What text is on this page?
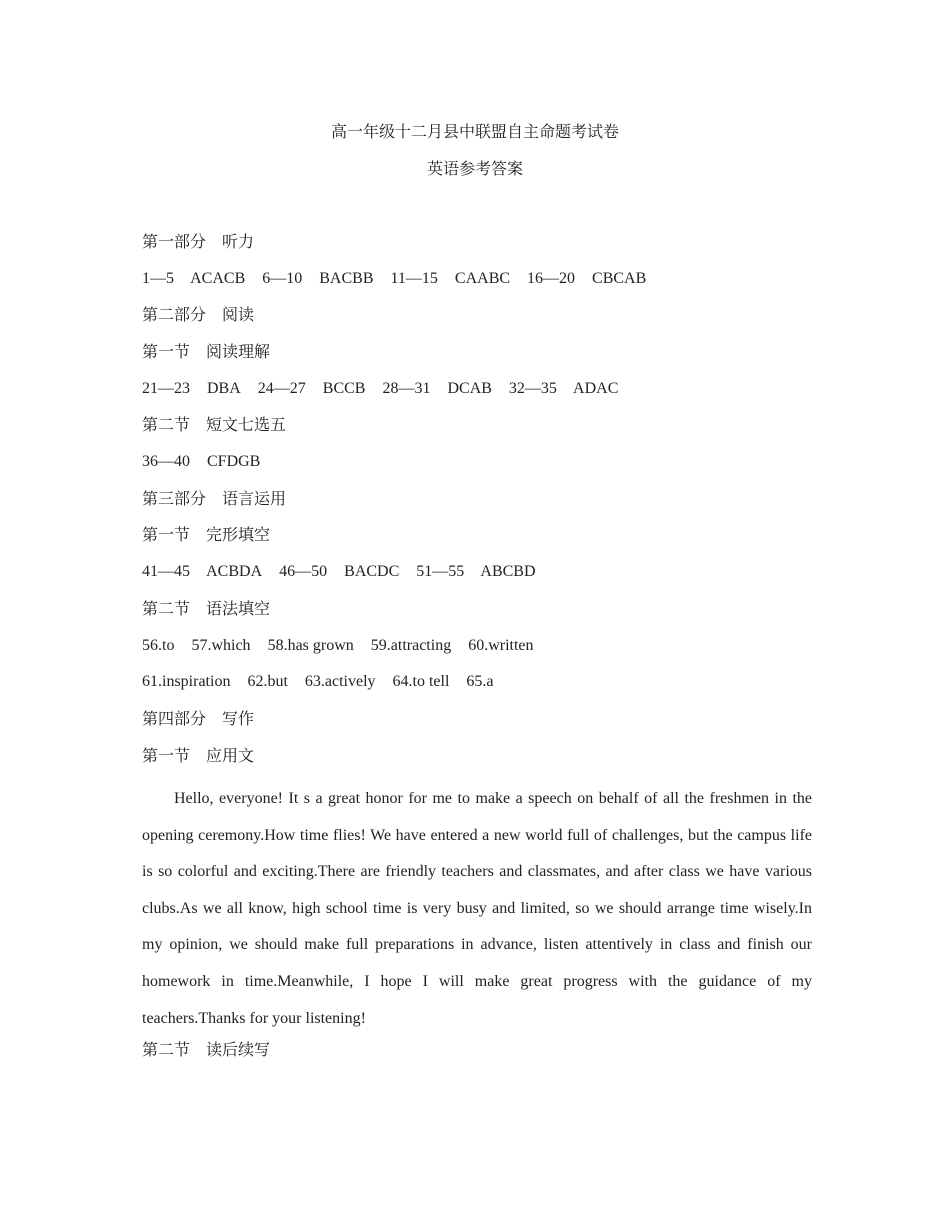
高一年级十二月县中联盟自主命题考试卷
英语参考答案
第一部分 听力
1—5 ACACB 6—10 BACBB 11—15 CAABC 16—20 CBCAB
第二部分 阅读
第一节 阅读理解
21—23 DBA 24—27 BCCB 28—31 DCAB 32—35 ADAC
第二节 短文七选五
36—40 CFDGB
第三部分 语言运用
第一节 完形填空
41—45 ACBDA 46—50 BACDC 51—55 ABCBD
第二节 语法填空
56.to 57.which 58.has grown 59.attracting 60.written
61.inspiration 62.but 63.actively 64.to tell 65.a
第四部分 写作
第一节 应用文
Hello, everyone! It s a great honor for me to make a speech on behalf of all the freshmen in the opening ceremony.How time flies! We have entered a new world full of challenges, but the campus life is so colorful and exciting.There are friendly teachers and classmates, and after class we have various clubs.As we all know, high school time is very busy and limited, so we should arrange time wisely.In my opinion, we should make full preparations in advance, listen attentively in class and finish our homework in time.Meanwhile, I hope I will make great progress with the guidance of my teachers.Thanks for your listening!
第二节 读后续写
